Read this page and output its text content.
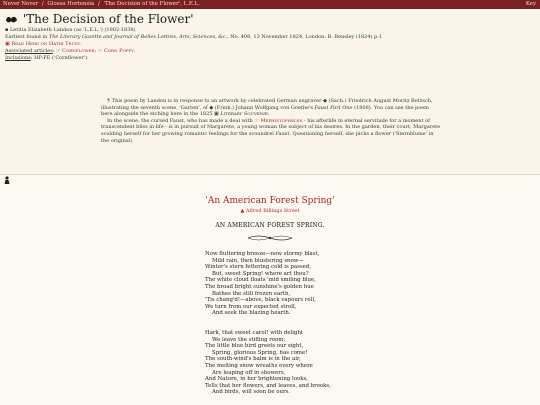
Never Never / Glossa Hortensia / 'The Decision of the Flower', L.E.L.	Key
'The Decision of the Flower'
▪ Letitia Elizabeth Landon (as 'L.E.L.') (1802-1838)
Earliest found in The Literary Gazette and Journal of Belles Lettres, Arts, Sciences, &c., No. 408, 13 November 1824, London: B. Bensley (1824) p.1
▣ Read Here on Hathi Trust.
Associated articles: ☞ Cornflower; ☞ Corn Poppy.
Inclusions: HP:FE ('Cornflower').

¶ This poem by Landon is in response to an artwork by celebrated German engraver ◆ (Sach.) Friedrich August Moritz Retzsch, illustrating the seventh scene, 'Garten', of ◆ (Frink.) Johann Wolfgang von Goethe's Faust Part One (1808). You can see the poem here alongside the etching here in the 1825 ▣ Literary Souvenir.

In the scene, the cursed Faust, who has made a deal with ☞ Mephistopheles - his afterlife in eternal servitude for a moment of transcendent bliss in life - is in pursuit of Margarete, a young woman the subject of his desires. In the garden, their court, Margarete scolding herself for her growing romantic feelings for the scoundrel Faust. Questioning herself, she picks a flower ('Sternblume' in the original)

'An American Forest Spring'
▲ Alfred Billings Street
AN AMERICAN FOREST SPRING.
Now fluttering breeze—now stormy blast,
Mild rain, then blustering snow—
Winter's stern fettering cold is passed,
But, sweet Spring! where art thou?
The white cloud floats 'mid smiling blue,
The broad bright sunshine's golden hue
Bathes the still frozen earth,
'Tis chang'd!—above, black vapours roll,
We turn from our expected stroll,
And seek the blazing hearth.
Hark, that sweet carol! with delight
We leave the stifling room;
The little blue bird greets our sight,
Spring, glorious Spring, has come!
The south-wind's balm is in the air,
The melting snow wreaths every where
Are leaping off in showers,
And Nature, in her brightening looks,
Tells that her flowers, and leaves, and brooks,
And birds, will soon be ours.
